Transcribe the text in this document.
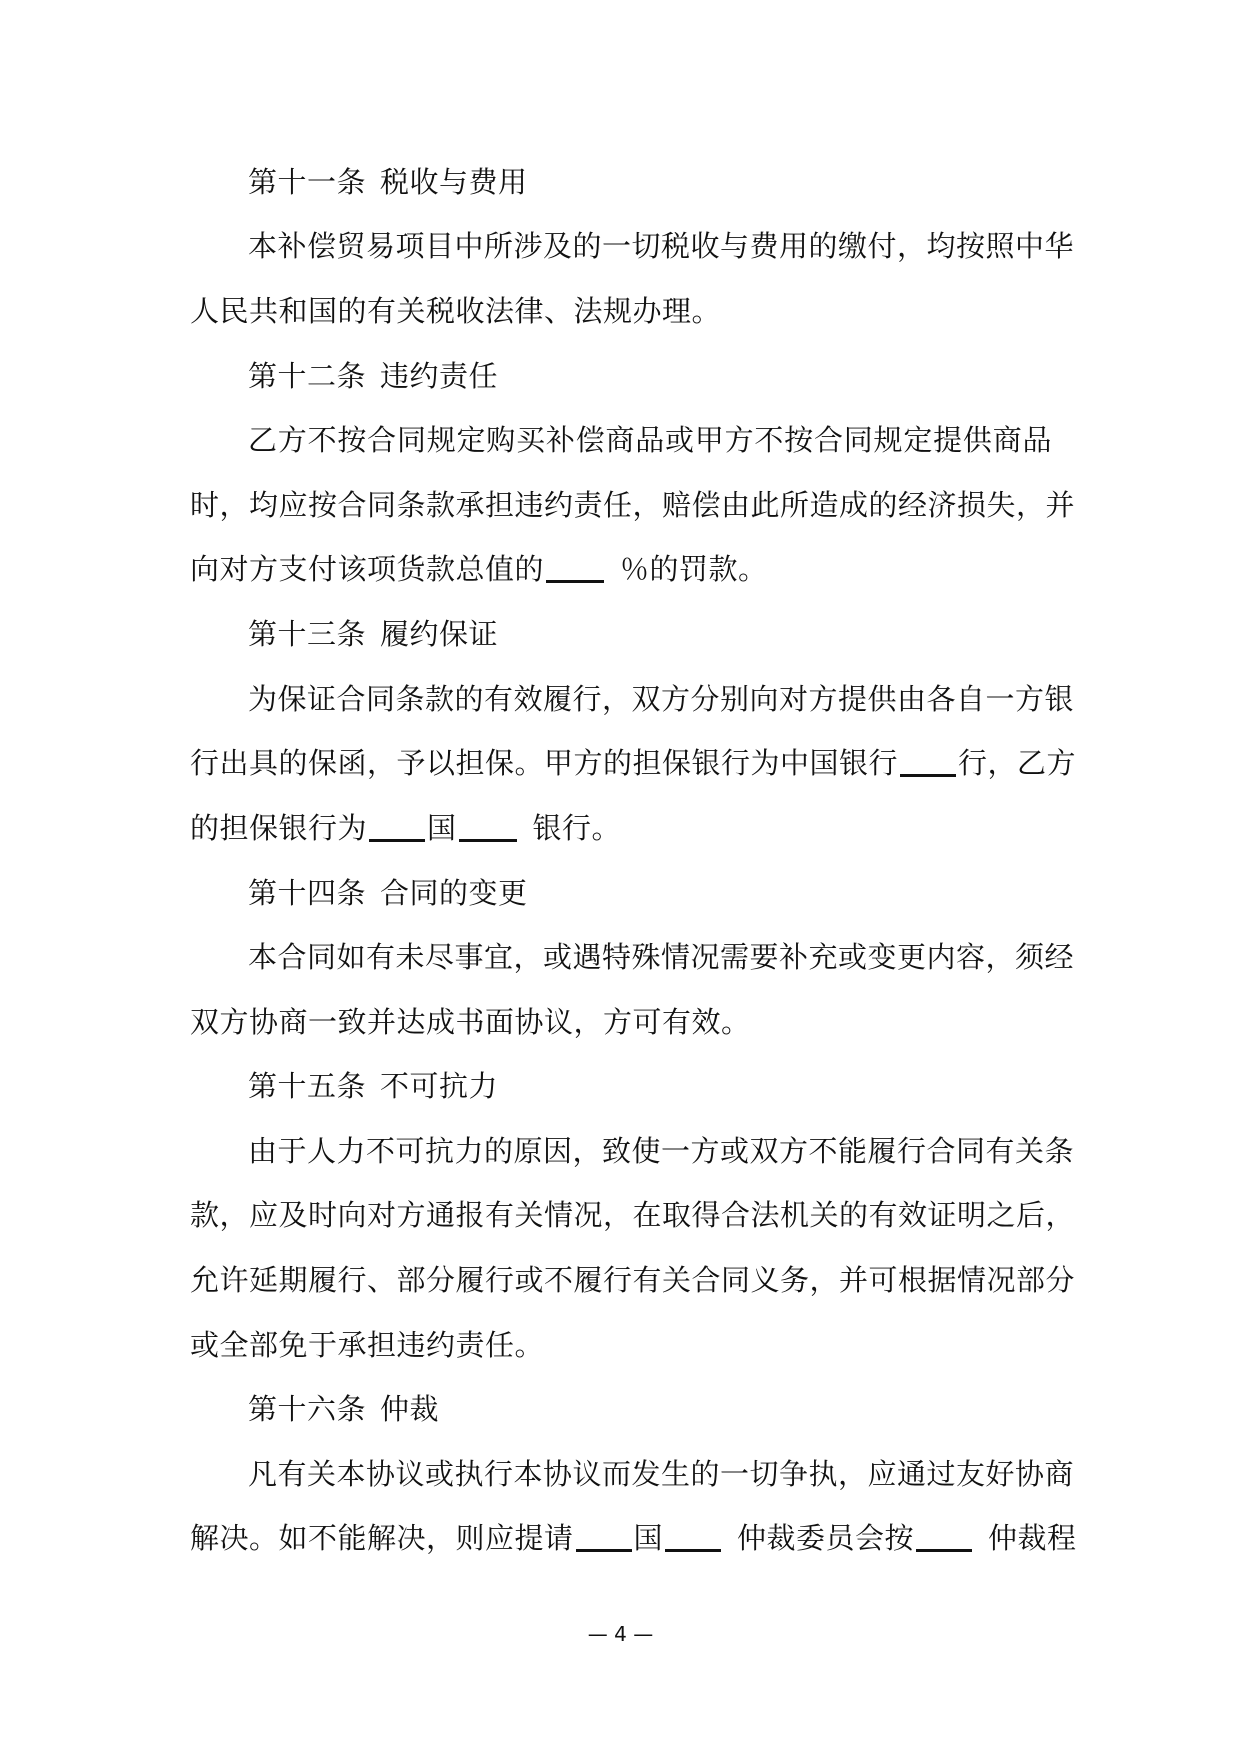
第十一条 税收与费用
本补偿贸易项目中所涉及的一切税收与费用的缴付，均按照中华
人民共和国的有关税收法律、法规办理。
第十二条 违约责任
乙方不按合同规定购买补偿商品或甲方不按合同规定提供商品
时，均应按合同条款承担违约责任，赔偿由此所造成的经济损失，并
向对方支付该项货款总值的	％的罚款。
第十三条 履约保证
为保证合同条款的有效履行，双方分别向对方提供由各自一方银
行出具的保函，予以担保。甲方的担保银行为中国银行 行，乙方
的担保银行为 国	银行。
第十四条 合同的变更
本合同如有未尽事宜，或遇特殊情况需要补充或变更内容，须经
双方协商一致并达成书面协议，方可有效。
第十五条 不可抗力
由于人力不可抗力的原因，致使一方或双方不能履行合同有关条
款，应及时向对方通报有关情况，在取得合法机关的有效证明之后，
允许延期履行、部分履行或不履行有关合同义务，并可根据情况部分
或全部免于承担违约责任。
第十六条 仲裁
凡有关本协议或执行本协议而发生的一切争执，应通过友好协商
解决。如不能解决，则应提请 国	仲裁委员会按	仲裁程
— 4 —
